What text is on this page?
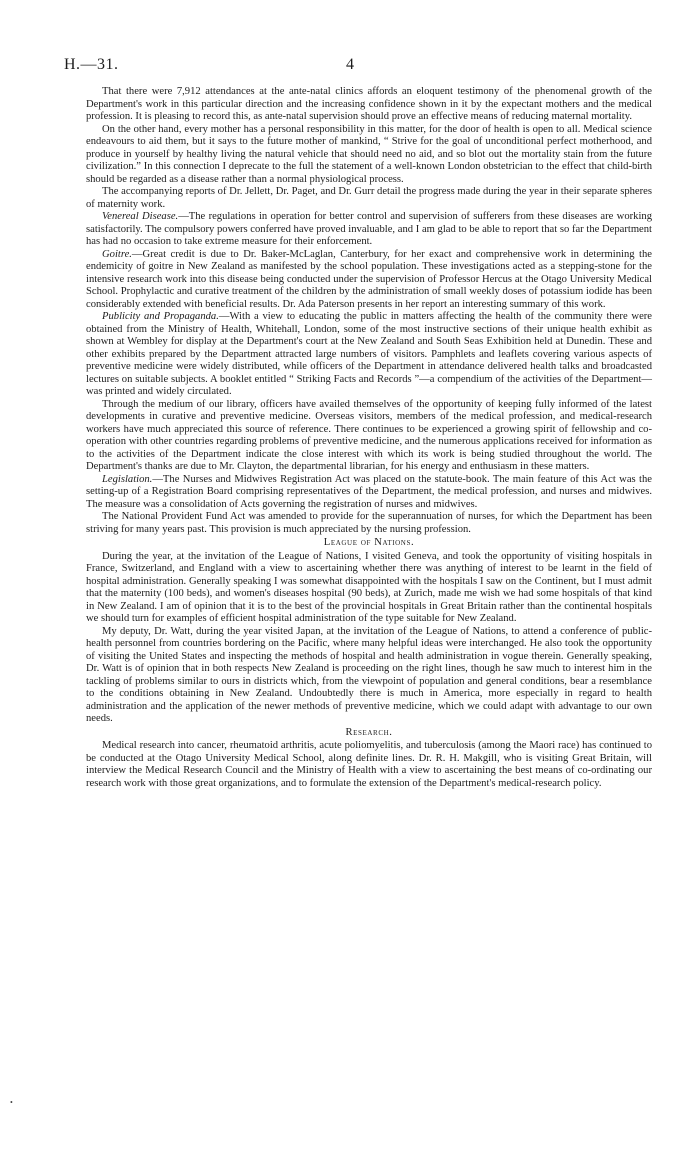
H.—31.	4

That there were 7,912 attendances at the ante-natal clinics affords an eloquent testimony of the phenomenal growth of the Department's work in this particular direction and the increasing confidence shown in it by the expectant mothers and the medical profession. It is pleasing to record this, as ante-natal supervision should prove an effective means of reducing maternal mortality.

On the other hand, every mother has a personal responsibility in this matter, for the door of health is open to all. Medical science endeavours to aid them, but it says to the future mother of mankind, “ Strive for the goal of unconditional perfect motherhood, and produce in yourself by healthy living the natural vehicle that should need no aid, and so blot out the mortality stain from the future civilization.” In this connection I deprecate to the full the statement of a well-known London obstetrician to the effect that child-birth should be regarded as a disease rather than a normal physiological process.

The accompanying reports of Dr. Jellett, Dr. Paget, and Dr. Gurr detail the progress made during the year in their separate spheres of maternity work.

Venereal Disease.—The regulations in operation for better control and supervision of sufferers from these diseases are working satisfactorily. The compulsory powers conferred have proved invaluable, and I am glad to be able to report that so far the Department has had no occasion to take extreme measure for their enforcement.

Goitre.—Great credit is due to Dr. Baker-McLaglan, Canterbury, for her exact and comprehensive work in determining the endemicity of goitre in New Zealand as manifested by the school population. These investigations acted as a stepping-stone for the intensive research work into this disease being conducted under the supervision of Professor Hercus at the Otago University Medical School. Prophylactic and curative treatment of the children by the administration of small weekly doses of potassium iodide has been considerably extended with beneficial results. Dr. Ada Paterson presents in her report an interesting summary of this work.

Publicity and Propaganda.—With a view to educating the public in matters affecting the health of the community there were obtained from the Ministry of Health, Whitehall, London, some of the most instructive sections of their unique health exhibit as shown at Wembley for display at the Department's court at the New Zealand and South Seas Exhibition held at Dunedin. These and other exhibits prepared by the Department attracted large numbers of visitors. Pamphlets and leaflets covering various aspects of preventive medicine were widely distributed, while officers of the Department in attendance delivered health talks and broadcasted lectures on suitable subjects. A booklet entitled “ Striking Facts and Records ”—a compendium of the activities of the Department—was printed and widely circulated.

Through the medium of our library, officers have availed themselves of the opportunity of keeping fully informed of the latest developments in curative and preventive medicine. Overseas visitors, members of the medical profession, and medical-research workers have much appreciated this source of reference. There continues to be experienced a growing spirit of fellowship and co-operation with other countries regarding problems of preventive medicine, and the numerous applications received for information as to the activities of the Department indicate the close interest with which its work is being studied throughout the world. The Department's thanks are due to Mr. Clayton, the departmental librarian, for his energy and enthusiasm in these matters.

Legislation.—The Nurses and Midwives Registration Act was placed on the statute-book. The main feature of this Act was the setting-up of a Registration Board comprising representatives of the Department, the medical profession, and nurses and midwives. The measure was a consolidation of Acts governing the registration of nurses and midwives.

The National Provident Fund Act was amended to provide for the superannuation of nurses, for which the Department has been striving for many years past. This provision is much appreciated by the nursing profession.

League of Nations.

During the year, at the invitation of the League of Nations, I visited Geneva, and took the opportunity of visiting hospitals in France, Switzerland, and England with a view to ascertaining whether there was anything of interest to be learnt in the field of hospital administration. Generally speaking I was somewhat disappointed with the hospitals I saw on the Continent, but I must admit that the maternity (100 beds), and women's diseases hospital (90 beds), at Zurich, made me wish we had some hospitals of that kind in New Zealand. I am of opinion that it is to the best of the provincial hospitals in Great Britain rather than the continental hospitals we should turn for examples of efficient hospital administration of the type suitable for New Zealand.

My deputy, Dr. Watt, during the year visited Japan, at the invitation of the League of Nations, to attend a conference of public-health personnel from countries bordering on the Pacific, where many helpful ideas were interchanged. He also took the opportunity of visiting the United States and inspecting the methods of hospital and health administration in vogue therein. Generally speaking, Dr. Watt is of opinion that in both respects New Zealand is proceeding on the right lines, though he saw much to interest him in the tackling of problems similar to ours in districts which, from the viewpoint of population and general conditions, bear a resemblance to the conditions obtaining in New Zealand. Undoubtedly there is much in America, more especially in regard to health administration and the application of the newer methods of preventive medicine, which we could adapt with advantage to our own needs.

Research.

Medical research into cancer, rheumatoid arthritis, acute poliomyelitis, and tuberculosis (among the Maori race) has continued to be conducted at the Otago University Medical School, along definite lines. Dr. R. H. Makgill, who is visiting Great Britain, will interview the Medical Research Council and the Ministry of Health with a view to ascertaining the best means of co-ordinating our research work with those great organizations, and to formulate the extension of the Department's medical-research policy.

•
